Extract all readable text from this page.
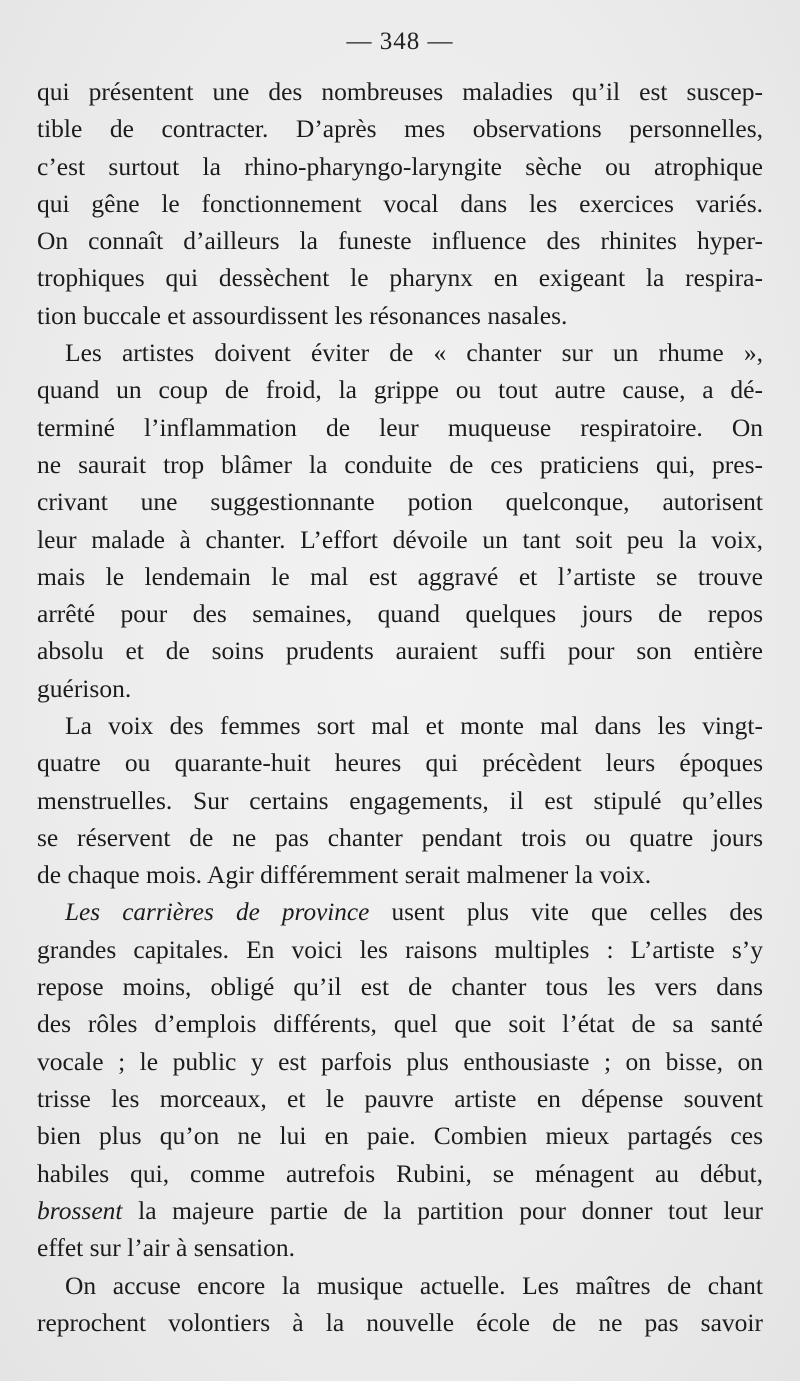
— 348 —
qui présentent une des nombreuses maladies qu’il est suscep-
tible de contracter. D’après mes observations personnelles,
c’est surtout la rhino-pharyngo-laryngite sèche ou atrophique
qui gêne le fonctionnement vocal dans les exercices variés.
On connaît d’ailleurs la funeste influence des rhinites hyper-
trophiques qui dessèchent le pharynx en exigeant la respira-
tion buccale et assourdissent les résonances nasales.
Les artistes doivent éviter de « chanter sur un rhume »,
quand un coup de froid, la grippe ou tout autre cause, a dé-
terminé l’inflammation de leur muqueuse respiratoire. On
ne saurait trop blâmer la conduite de ces praticiens qui, pres-
crivant une suggestionnante potion quelconque, autorisent
leur malade à chanter. L’effort dévoile un tant soit peu la voix,
mais le lendemain le mal est aggravé et l’artiste se trouve
arrêté pour des semaines, quand quelques jours de repos
absolu et de soins prudents auraient suffi pour son entière
guérison.
La voix des femmes sort mal et monte mal dans les vingt-
quatre ou quarante-huit heures qui précèdent leurs époques
menstruelles. Sur certains engagements, il est stipulé qu’elles
se réservent de ne pas chanter pendant trois ou quatre jours
de chaque mois. Agir différemment serait malmener la voix.
Les carrières de province usent plus vite que celles des
grandes capitales. En voici les raisons multiples : L’artiste s’y
repose moins, obligé qu’il est de chanter tous les vers dans
des rôles d’emplois différents, quel que soit l’état de sa santé
vocale ; le public y est parfois plus enthousiaste ; on bisse, on
trisse les morceaux, et le pauvre artiste en dépense souvent
bien plus qu’on ne lui en paie. Combien mieux partagés ces
habiles qui, comme autrefois Rubini, se ménagent au début,
brossent la majeure partie de la partition pour donner tout leur
effet sur l’air à sensation.
On accuse encore la musique actuelle. Les maîtres de chant
reprochent volontiers à la nouvelle école de ne pas savoir
